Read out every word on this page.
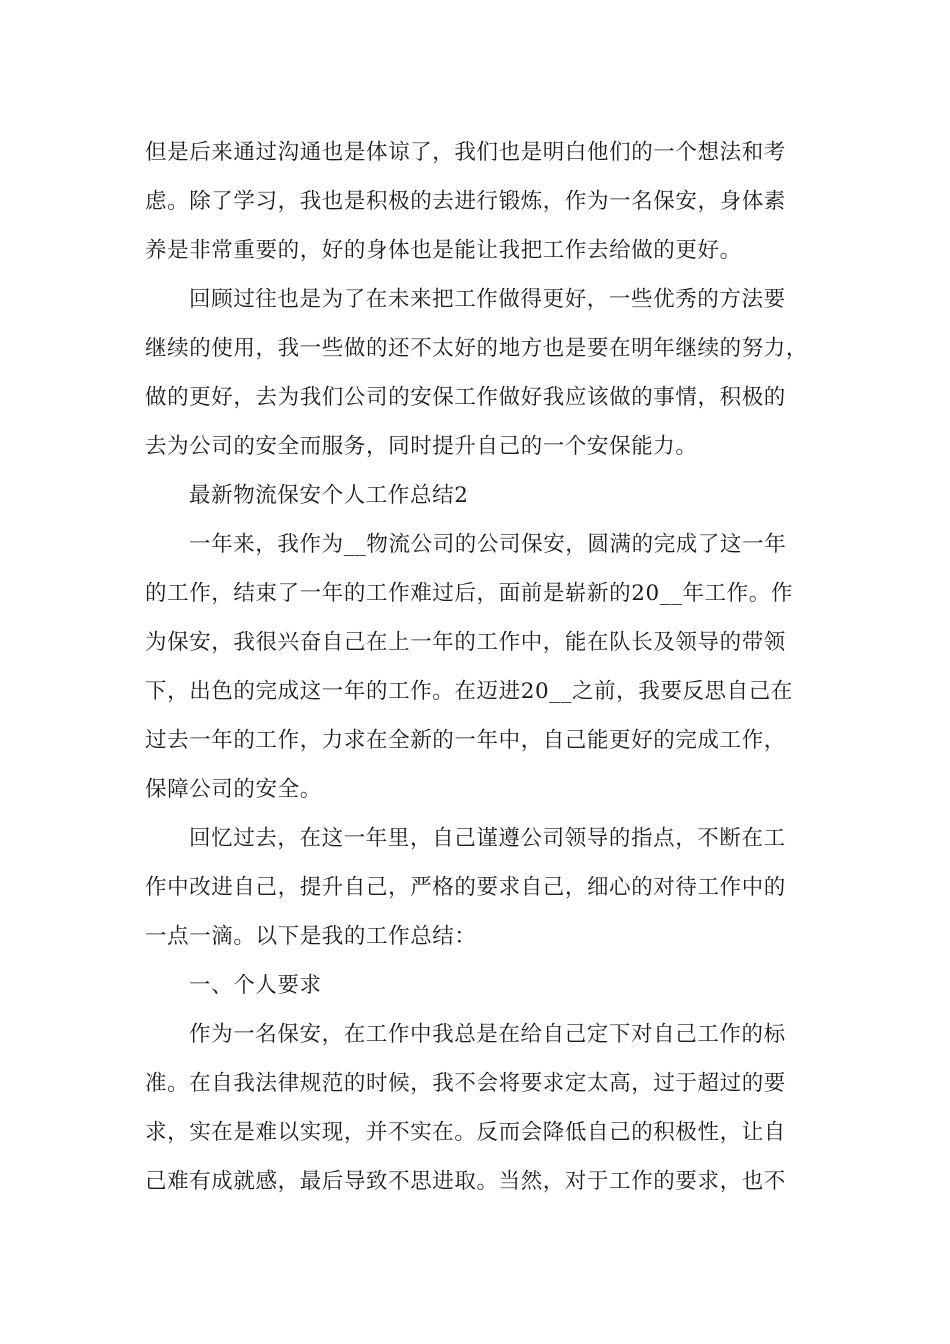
但是后来通过沟通也是体谅了，我们也是明白他们的一个想法和考
虑。除了学习，我也是积极的去进行锻炼，作为一名保安，身体素
养是非常重要的，好的身体也是能让我把工作去给做的更好。
回顾过往也是为了在未来把工作做得更好，一些优秀的方法要
继续的使用，我一些做的还不太好的地方也是要在明年继续的努力，
做的更好，去为我们公司的安保工作做好我应该做的事情，积极的
去为公司的安全而服务，同时提升自己的一个安保能力。
最新物流保安个人工作总结2
一年来，我作为__物流公司的公司保安，圆满的完成了这一年
的工作，结束了一年的工作难过后，面前是崭新的20__年工作。作
为保安，我很兴奋自己在上一年的工作中，能在队长及领导的带领
下，出色的完成这一年的工作。在迈进20__之前，我要反思自己在
过去一年的工作，力求在全新的一年中，自己能更好的完成工作，
保障公司的安全。
回忆过去，在这一年里，自己谨遵公司领导的指点，不断在工
作中改进自己，提升自己，严格的要求自己，细心的对待工作中的
一点一滴。以下是我的工作总结：
一、个人要求
作为一名保安，在工作中我总是在给自己定下对自己工作的标
准。在自我法律规范的时候，我不会将要求定太高，过于超过的要
求，实在是难以实现，并不实在。反而会降低自己的积极性，让自
己难有成就感，最后导致不思进取。当然，对于工作的要求，也不
